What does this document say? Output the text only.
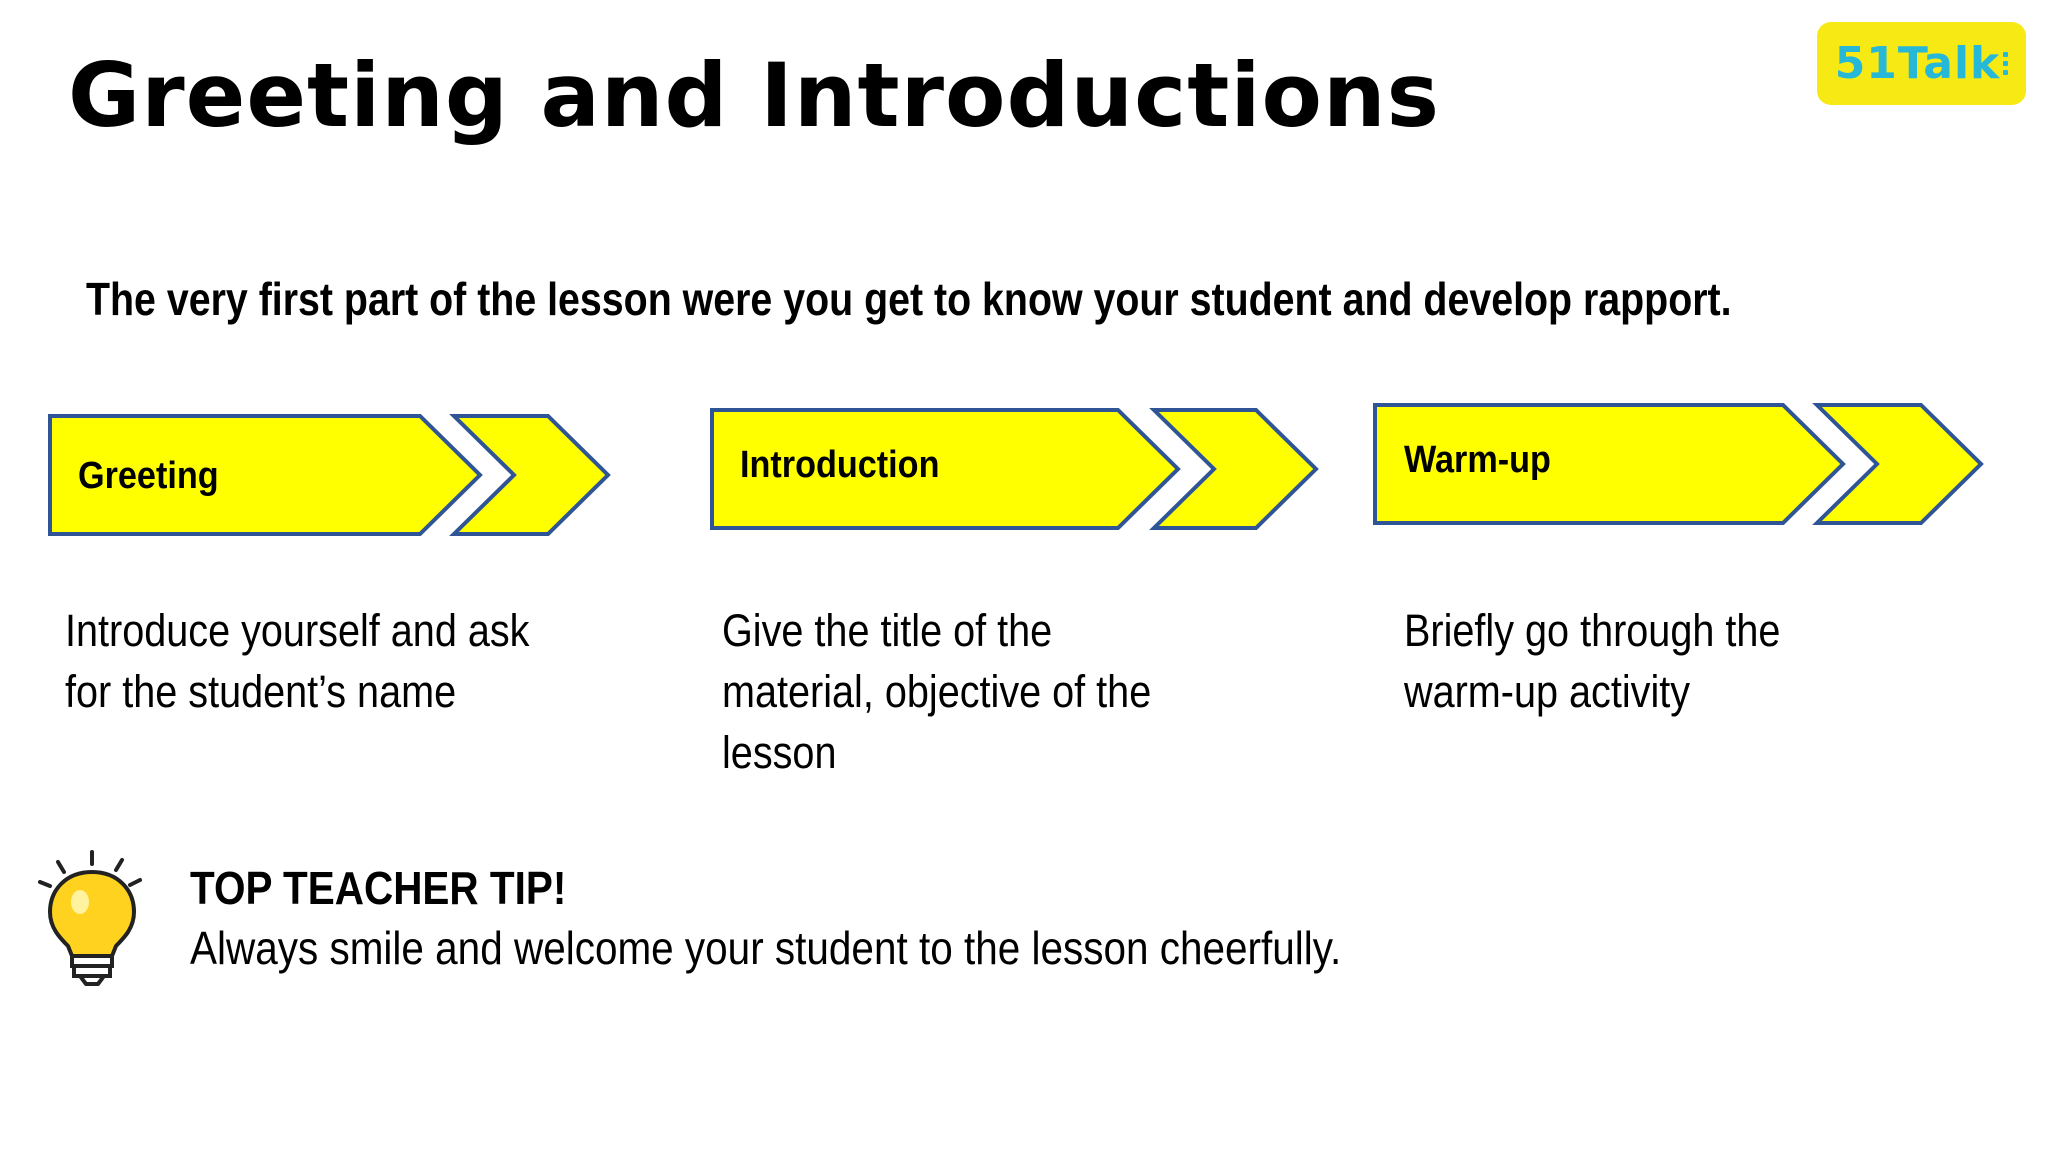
Greeting and Introductions	51Talk

The very first part of the lesson were you get to know your student and develop rapport.

Greeting

Introduce yourself and ask
for the student’s name

Introduction

Give the title of the
material, objective of the
lesson

Warm-up

Briefly go through the
warm-up activity

TOP TEACHER TIP!

Always smile and welcome your student to the lesson cheerfully.
